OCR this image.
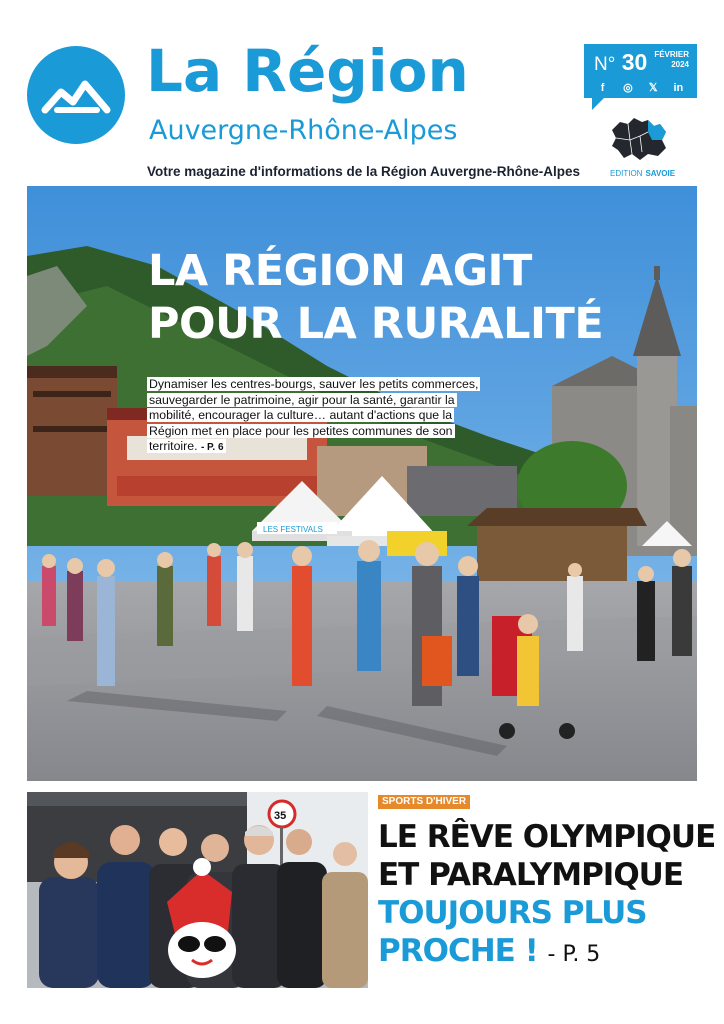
La Région
Auvergne-Rhône-Alpes
Votre magazine d'informations de la Région Auvergne-Rhône-Alpes
N° 30 FÉVRIER
2024
f	◎	𝕏	in
EDITION SAVOIE
LES FESTIVALS
LA RÉGION AGIT
POUR LA RURALITÉ
Dynamiser les centres-bourgs, sauver les petits commerces, sauvegarder le patrimoine, agir pour la santé, garantir la mobilité, encourager la culture… autant d'actions que la Région met en place pour les petites communes de son territoire. - P. 6
35
SPORTS D'HIVER
LE RÊVE OLYMPIQUE
ET PARALYMPIQUE
TOUJOURS PLUS
PROCHE ! - P. 5
